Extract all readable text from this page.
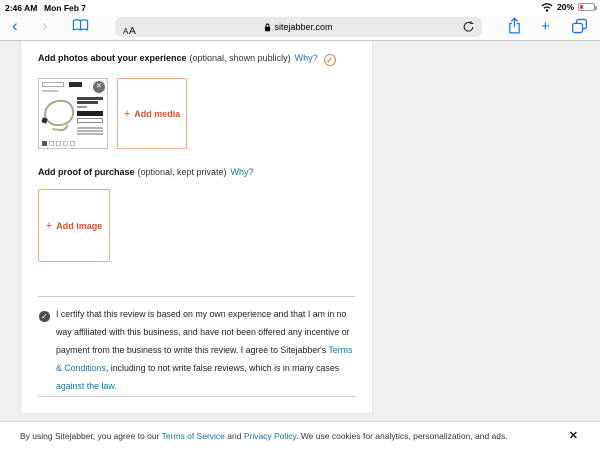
2:46 AM Mon Feb 7	20%
‹ ›	AA	sitejabber.com	+
Add photos about your experience (optional, shown publicly) Why? ✓
✕
+ Add media
Add proof of purchase (optional, kept private) Why?
+ Add image
✓ I certify that this review is based on my own experience and that I am in no way affiliated with this business, and have not been offered any incentive or payment from the business to write this review. I agree to Sitejabber's Terms & Conditions, including to not write false reviews, which is in many cases against the law.

By using Sitejabber, you agree to our Terms of Service and Privacy Policy. We use cookies for analytics, personalization, and ads.	✕
